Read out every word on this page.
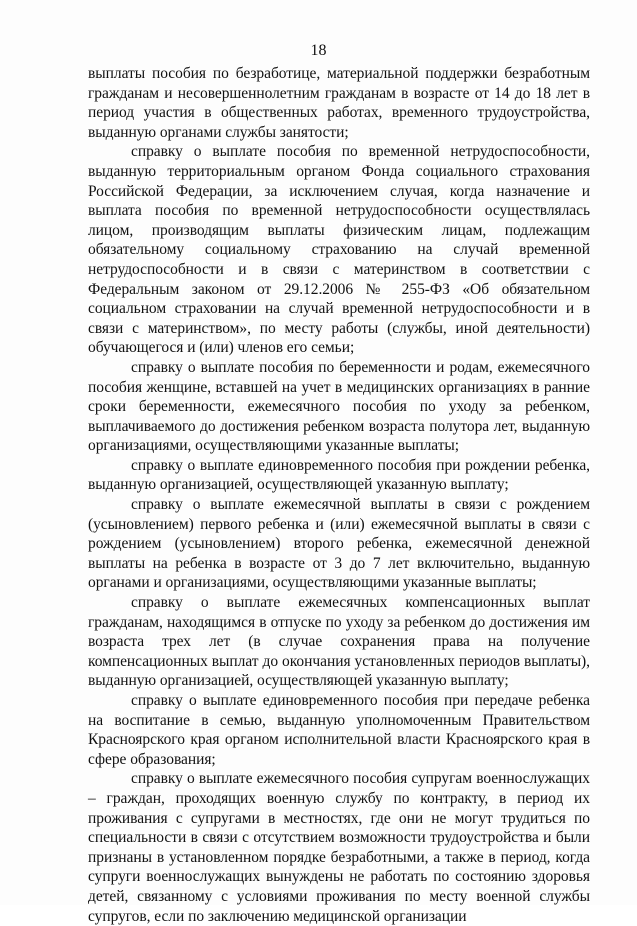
18

выплаты пособия по безработице, материальной поддержки безработным гражданам и несовершеннолетним гражданам в возрасте от 14 до 18 лет в период участия в общественных работах, временного трудоустройства, выданную органами службы занятости;

справку о выплате пособия по временной нетрудоспособности, выданную территориальным органом Фонда социального страхования Российской Федерации, за исключением случая, когда назначение и выплата пособия по временной нетрудоспособности осуществлялась лицом, производящим выплаты физическим лицам, подлежащим обязательному социальному страхованию на случай временной нетрудоспособности и в связи с материнством в соответствии с Федеральным законом от 29.12.2006 № 255-ФЗ «Об обязательном социальном страховании на случай временной нетрудоспособности и в связи с материнством», по месту работы (службы, иной деятельности) обучающегося и (или) членов его семьи;

справку о выплате пособия по беременности и родам, ежемесячного пособия женщине, вставшей на учет в медицинских организациях в ранние сроки беременности, ежемесячного пособия по уходу за ребенком, выплачиваемого до достижения ребенком возраста полутора лет, выданную организациями, осуществляющими указанные выплаты;

справку о выплате единовременного пособия при рождении ребенка, выданную организацией, осуществляющей указанную выплату;

справку о выплате ежемесячной выплаты в связи с рождением (усыновлением) первого ребенка и (или) ежемесячной выплаты в связи с рождением (усыновлением) второго ребенка, ежемесячной денежной выплаты на ребенка в возрасте от 3 до 7 лет включительно, выданную органами и организациями, осуществляющими указанные выплаты;

справку о выплате ежемесячных компенсационных выплат гражданам, находящимся в отпуске по уходу за ребенком до достижения им возраста трех лет (в случае сохранения права на получение компенсационных выплат до окончания установленных периодов выплаты), выданную организацией, осуществляющей указанную выплату;

справку о выплате единовременного пособия при передаче ребенка на воспитание в семью, выданную уполномоченным Правительством Красноярского края органом исполнительной власти Красноярского края в сфере образования;

справку о выплате ежемесячного пособия супругам военнослужащих – граждан, проходящих военную службу по контракту, в период их проживания с супругами в местностях, где они не могут трудиться по специальности в связи с отсутствием возможности трудоустройства и были признаны в установленном порядке безработными, а также в период, когда супруги военнослужащих вынуждены не работать по состоянию здоровья детей, связанному с условиями проживания по месту военной службы супругов, если по заключению медицинской организации
